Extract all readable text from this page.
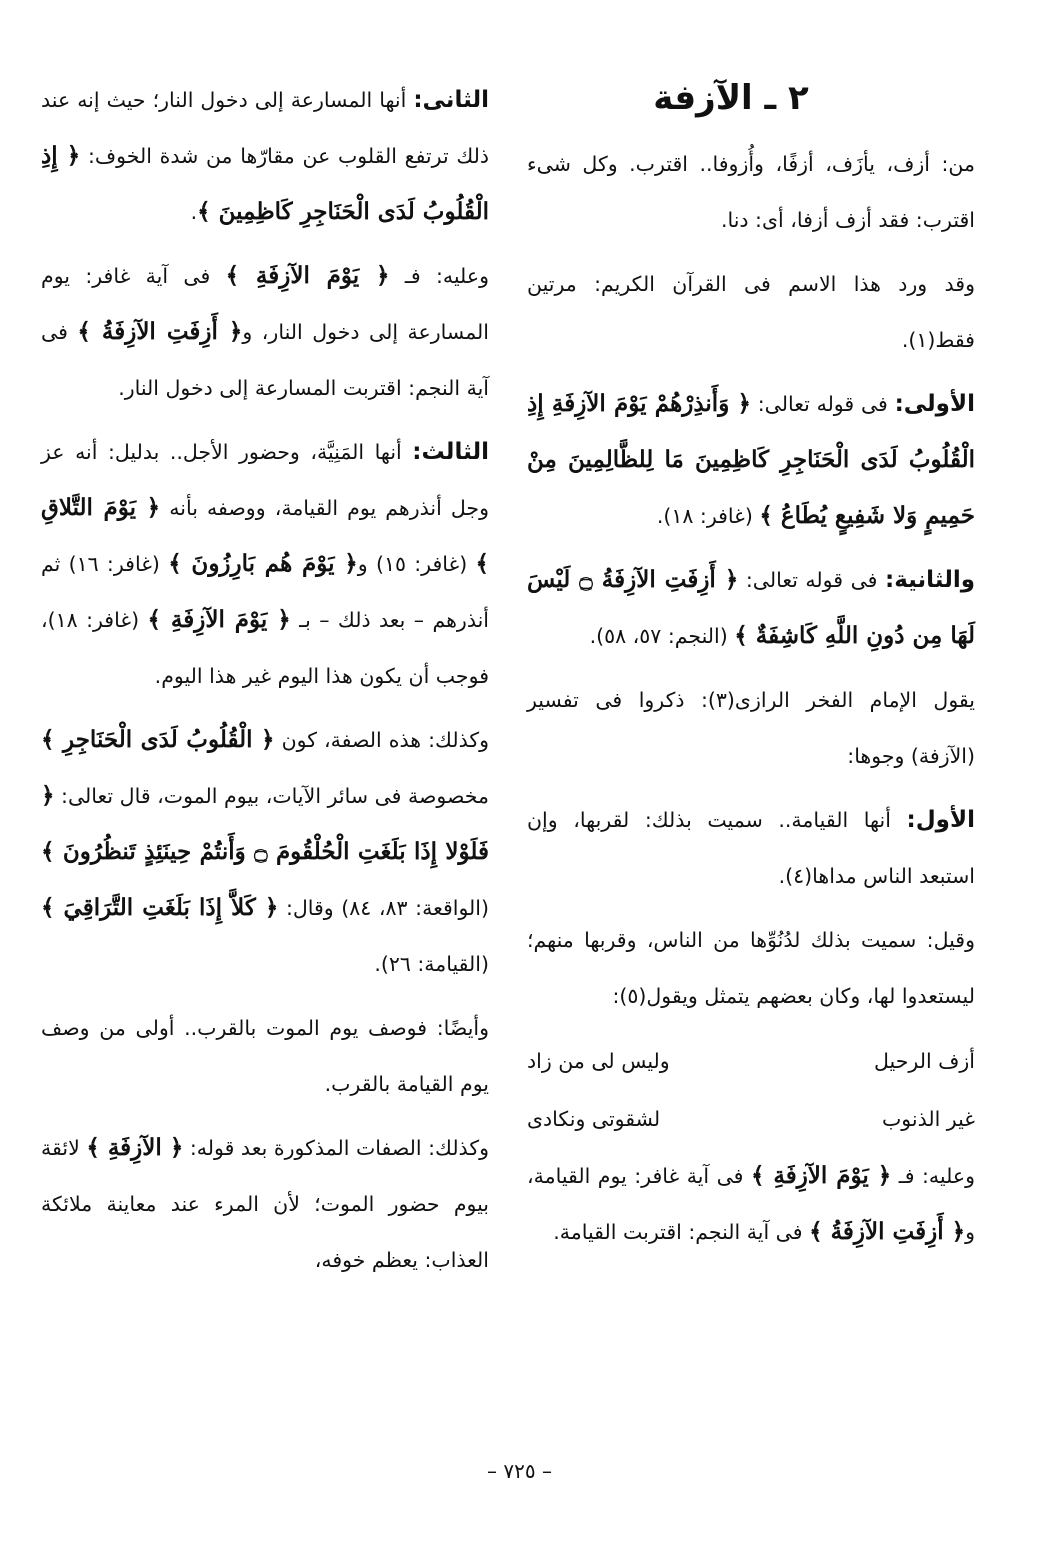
٢ ـ الآزفة

من: أزف، يأزَف، أزفًا، وأُزوفا.. اقترب. وكل شىء اقترب: فقد أزف أزفا، أى: دنا.

وقد ورد هذا الاسم فى القرآن الكريم: مرتين فقط(١).

الأولى: فى قوله تعالى: ﴿ وَأَنذِرْهُمْ يَوْمَ الآزِفَةِ إِذِ الْقُلُوبُ لَدَى الْحَنَاجِرِ كَاظِمِينَ مَا لِلظَّالِمِينَ مِنْ حَمِيمٍ وَلا شَفِيعٍ يُطَاعُ ﴾ (غافر: ١٨).

والثانية: فى قوله تعالى: ﴿ أَزِفَتِ الآزِفَةُ ۝ لَيْسَ لَهَا مِن دُونِ اللَّهِ كَاشِفَةٌ ﴾ (النجم: ٥٧، ٥٨).

يقول الإمام الفخر الرازى(٣): ذكروا فى تفسير (الآزفة) وجوها:

الأول: أنها القيامة.. سميت بذلك: لقربها، وإن استبعد الناس مداها(٤).

وقيل: سميت بذلك لدُنُوِّها من الناس، وقربها منهم؛ ليستعدوا لها، وكان بعضهم يتمثل ويقول(٥):

أزف الرحيل
وليس لى من زاد
غير الذنوب
لشقوتى ونكادى

وعليه: فـ ﴿ يَوْمَ الآزِفَةِ ﴾ فى آية غافر: يوم القيامة، و﴿ أَزِفَتِ الآزِفَةُ ﴾ فى آية النجم: اقتربت القيامة.

الثانى: أنها المسارعة إلى دخول النار؛ حيث إنه عند ذلك ترتفع القلوب عن مقارّها من شدة الخوف: ﴿ إِذِ الْقُلُوبُ لَدَى الْحَنَاجِرِ كَاظِمِينَ ﴾.

وعليه: فـ ﴿ يَوْمَ الآزِفَةِ ﴾ فى آية غافر: يوم المسارعة إلى دخول النار، و﴿ أَزِفَتِ الآزِفَةُ ﴾ فى آية النجم: اقتربت المسارعة إلى دخول النار.

الثالث: أنها المَنِيَّة، وحضور الأجل.. بدليل: أنه عز وجل أنذرهم يوم القيامة، ووصفه بأنه ﴿ يَوْمَ التَّلاقِ ﴾ (غافر: ١٥) و﴿ يَوْمَ هُم بَارِزُونَ ﴾ (غافر: ١٦) ثم أنذرهم – بعد ذلك – بـ ﴿ يَوْمَ الآزِفَةِ ﴾ (غافر: ١٨)، فوجب أن يكون هذا اليوم غير هذا اليوم.

وكذلك: هذه الصفة، كون ﴿ الْقُلُوبُ لَدَى الْحَنَاجِرِ ﴾ مخصوصة فى سائر الآيات، بيوم الموت، قال تعالى: ﴿ فَلَوْلا إِذَا بَلَغَتِ الْحُلْقُومَ ۝ وَأَنتُمْ حِينَئِذٍ تَنظُرُونَ ﴾ (الواقعة: ٨٣، ٨٤) وقال: ﴿ كَلاَّ إِذَا بَلَغَتِ التَّرَاقِيَ ﴾ (القيامة: ٢٦).

وأيضًا: فوصف يوم الموت بالقرب.. أولى من وصف يوم القيامة بالقرب.

وكذلك: الصفات المذكورة بعد قوله: ﴿ الآزِفَةِ ﴾ لائقة بيوم حضور الموت؛ لأن المرء عند معاينة ملائكة العذاب: يعظم خوفه،

– ٧٢٥ –
